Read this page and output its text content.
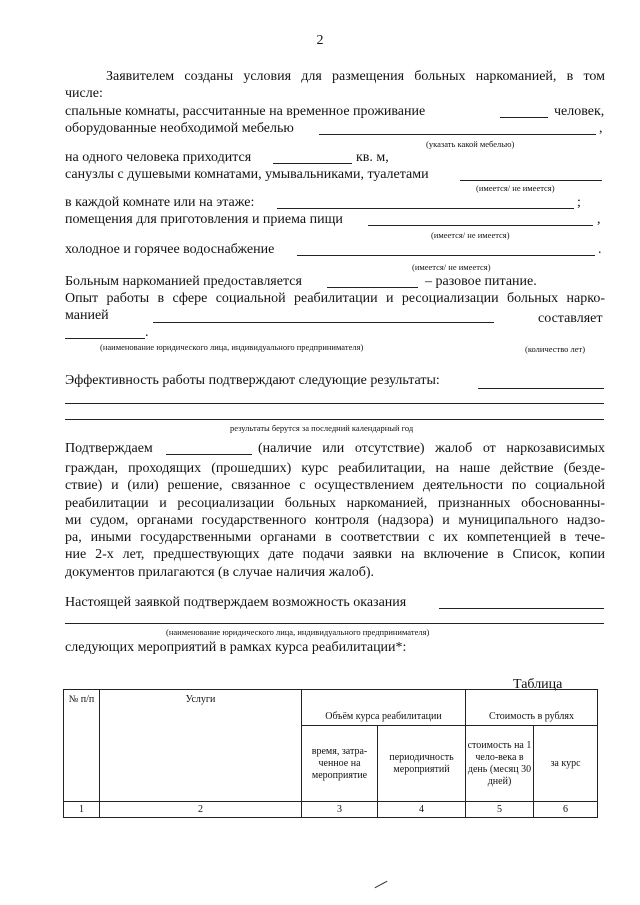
2
Заявителем созданы условия для размещения больных наркоманией, в том
числе:
спальные комнаты, рассчитанные на временное проживание	человек,
оборудованные необходимой мебелью	,
(указать какой мебелью)
на одного человека приходится	кв. м,
санузлы с душевыми комнатами, умывальниками, туалетами
(имеется/ не имеется)
в каждой комнате или на этаже:	;
помещения для приготовления и приема пищи	,
(имеется/ не имеется)
холодное и горячее водоснабжение	.
(имеется/ не имеется)
Больным наркоманией предоставляется	– разовое питание.
Опыт работы в сфере социальной реабилитации и ресоциализации больных нарко-
манией	составляет
.
(наименование юридического лица, индивидуального предпринимателя)	(количество лет)
Эффективность работы подтверждают следующие результаты:
результаты берутся за последний календарный год
Подтверждаем	(наличие или отсутствие) жалоб от наркозависимых
граждан, проходящих (прошедших) курс реабилитации, на наше действие (безде-
ствие) и (или) решение, связанное с осуществлением деятельности по социальной
реабилитации и ресоциализации больных наркоманией, признанных обоснованны-
ми судом, органами государственного контроля (надзора) и муниципального надзо-
ра, иными государственными органами в соответствии с их компетенцией в тече-
ние 2-х лет, предшествующих дате подачи заявки на включение в Список, копии
документов прилагаются (в случае наличия жалоб).
Настоящей заявкой подтверждаем возможность оказания
(наименование юридического лица, индивидуального предпринимателя)
следующих мероприятий в рамках курса реабилитации*:
Таблица
№ п/п	Услуги	Объём курса реабилитации		Стоимость в рублях	
		время, затра-ченное на мероприятие	периодичность мероприятий	стоимость на 1 чело-века в день (месяц 30 дней)	за курс
1	2	3	4	5	6
